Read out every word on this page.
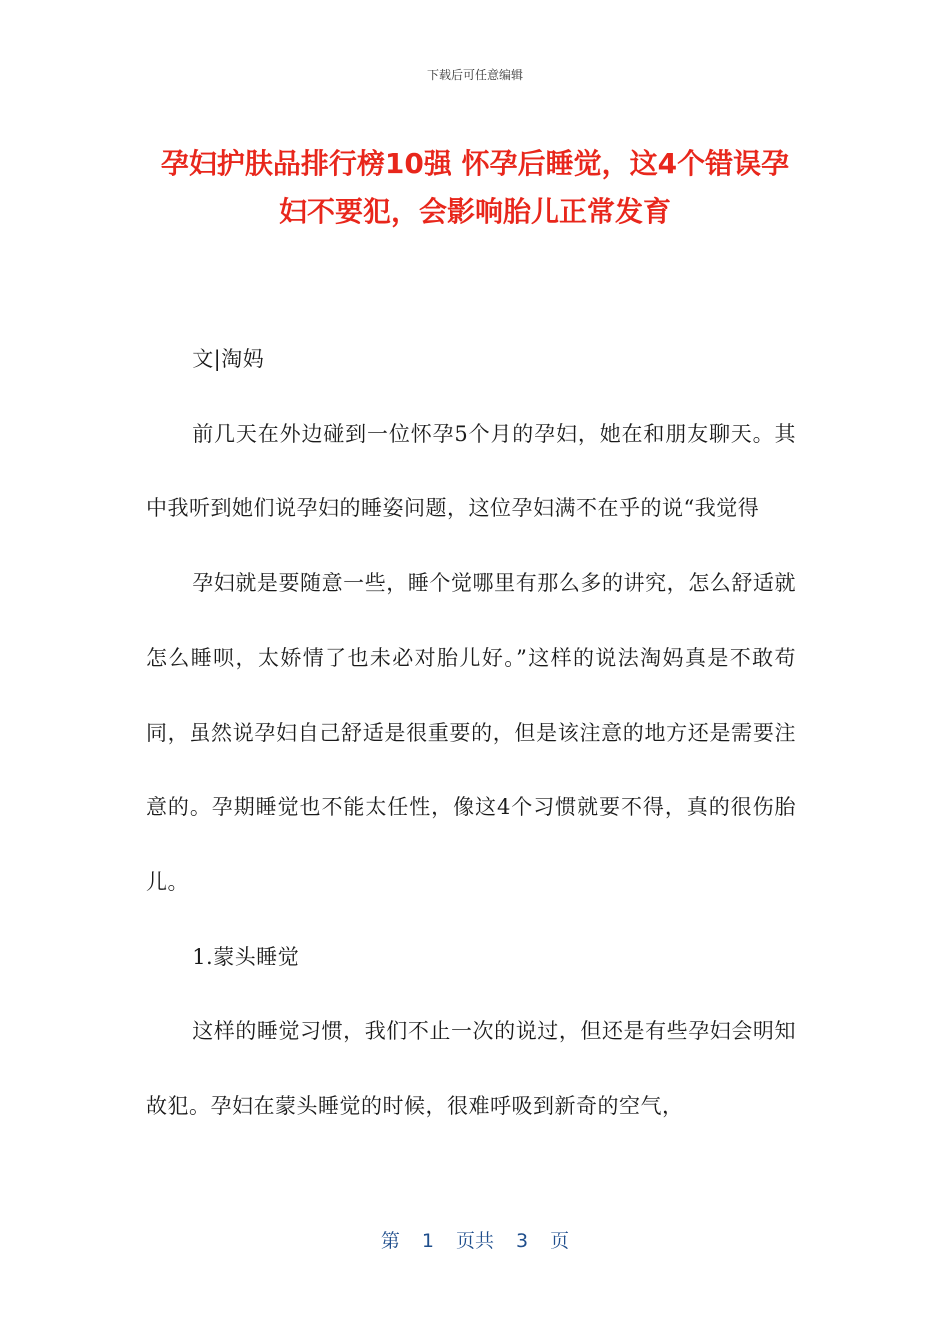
下载后可任意编辑
孕妇护肤品排行榜10强 怀孕后睡觉，这4个错误孕妇不要犯，会影响胎儿正常发育

文|淘妈

前几天在外边碰到一位怀孕5个月的孕妇，她在和朋友聊天。其中我听到她们说孕妇的睡姿问题，这位孕妇满不在乎的说“我觉得

孕妇就是要随意一些，睡个觉哪里有那么多的讲究，怎么舒适就怎么睡呗，太娇情了也未必对胎儿好。”这样的说法淘妈真是不敢苟同，虽然说孕妇自己舒适是很重要的，但是该注意的地方还是需要注意的。孕期睡觉也不能太任性，像这4个习惯就要不得，真的很伤胎儿。

1.蒙头睡觉

这样的睡觉习惯，我们不止一次的说过，但还是有些孕妇会明知故犯。孕妇在蒙头睡觉的时候，很难呼吸到新奇的空气，

第 1 页共 3 页
